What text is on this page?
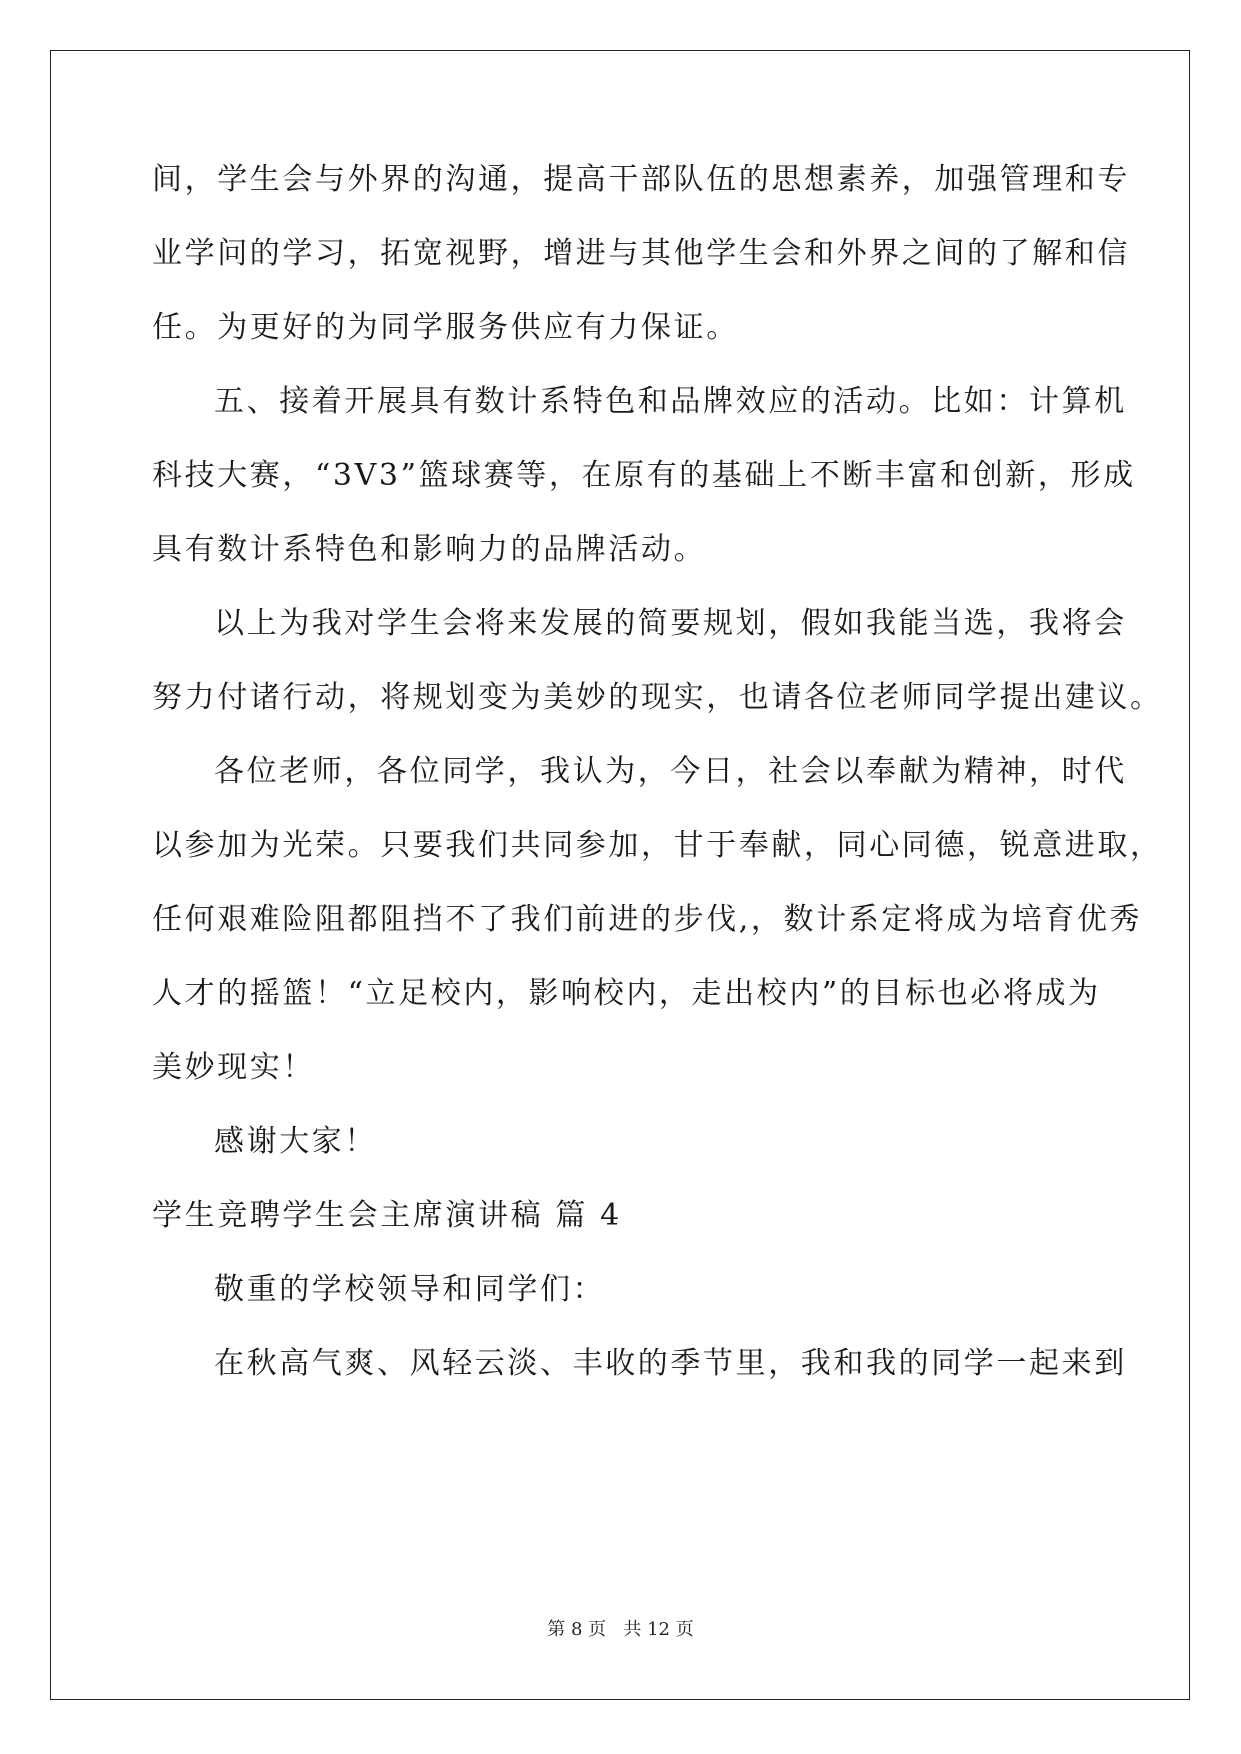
间，学生会与外界的沟通，提高干部队伍的思想素养，加强管理和专
业学问的学习，拓宽视野，增进与其他学生会和外界之间的了解和信
任。为更好的为同学服务供应有力保证。
五、接着开展具有数计系特色和品牌效应的活动。比如：计算机
科技大赛，“3V3”篮球赛等，在原有的基础上不断丰富和创新，形成
具有数计系特色和影响力的品牌活动。
以上为我对学生会将来发展的简要规划，假如我能当选，我将会
努力付诸行动，将规划变为美妙的现实，也请各位老师同学提出建议。
各位老师，各位同学，我认为，今日，社会以奉献为精神，时代
以参加为光荣。只要我们共同参加，甘于奉献，同心同德，锐意进取，
任何艰难险阻都阻挡不了我们前进的步伐,，数计系定将成为培育优秀
人才的摇篮！“立足校内，影响校内，走出校内”的目标也必将成为
美妙现实！
感谢大家！
学生竞聘学生会主席演讲稿 篇 4
敬重的学校领导和同学们：
在秋高气爽、风轻云淡、丰收的季节里，我和我的同学一起来到
第 8 页   共 12 页
